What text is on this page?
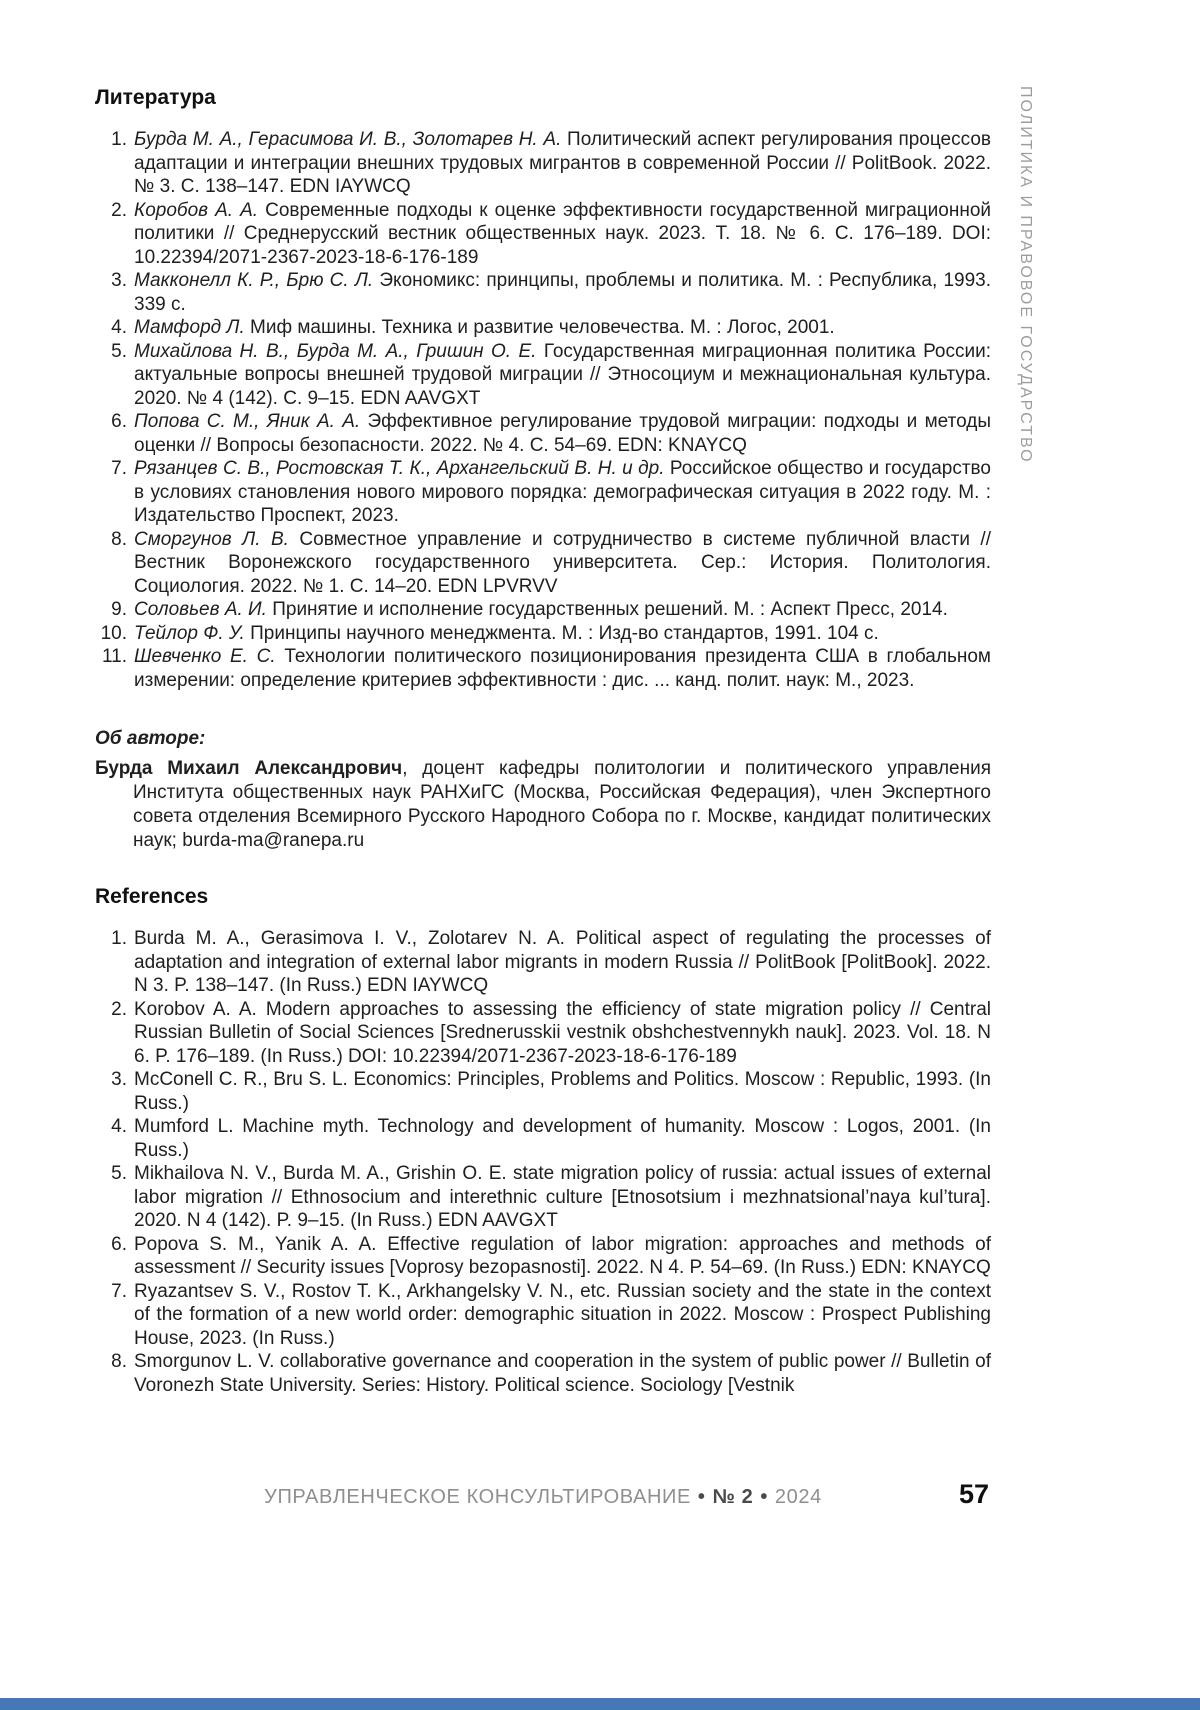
ПОЛИТИКА И ПРАВОВОЕ ГОСУДАРСТВО
Литература
1. Бурда М. А., Герасимова И. В., Золотарев Н. А. Политический аспект регулирования процессов адаптации и интеграции внешних трудовых мигрантов в современной России // PolitBook. 2022. № 3. С. 138–147. EDN IAYWCQ
2. Коробов А. А. Современные подходы к оценке эффективности государственной миграционной политики // Среднерусский вестник общественных наук. 2023. Т. 18. № 6. С. 176–189. DOI: 10.22394/2071-2367-2023-18-6-176-189
3. Макконелл К. Р., Брю С. Л. Экономикс: принципы, проблемы и политика. М. : Республика, 1993. 339 с.
4. Мамфорд Л. Миф машины. Техника и развитие человечества. М. : Логос, 2001.
5. Михайлова Н. В., Бурда М. А., Гришин О. Е. Государственная миграционная политика России: актуальные вопросы внешней трудовой миграции // Этносоциум и межнациональная культура. 2020. № 4 (142). С. 9–15. EDN AAVGXT
6. Попова С. М., Яник А. А. Эффективное регулирование трудовой миграции: подходы и методы оценки // Вопросы безопасности. 2022. № 4. С. 54–69. EDN: KNAYCQ
7. Рязанцев С. В., Ростовская Т. К., Архангельский В. Н. и др. Российское общество и государство в условиях становления нового мирового порядка: демографическая ситуация в 2022 году. М. : Издательство Проспект, 2023.
8. Сморгунов Л. В. Совместное управление и сотрудничество в системе публичной власти // Вестник Воронежского государственного университета. Сер.: История. Политология. Социология. 2022. № 1. С. 14–20. EDN LPVRVV
9. Соловьев А. И. Принятие и исполнение государственных решений. М. : Аспект Пресс, 2014.
10. Тейлор Ф. У. Принципы научного менеджмента. М. : Изд-во стандартов, 1991. 104 с.
11. Шевченко Е. С. Технологии политического позиционирования президента США в глобальном измерении: определение критериев эффективности : дис. ... канд. полит. наук: М., 2023.
Об авторе:

Бурда Михаил Александрович, доцент кафедры политологии и политического управления Института общественных наук РАНХиГС (Москва, Российская Федерация), член Экспертного совета отделения Всемирного Русского Народного Собора по г. Москве, кандидат политических наук; burda-ma@ranepa.ru

References
1. Burda M. A., Gerasimova I. V., Zolotarev N. A. Political aspect of regulating the processes of adaptation and integration of external labor migrants in modern Russia // PolitBook [PolitBook]. 2022. N 3. P. 138–147. (In Russ.) EDN IAYWCQ
2. Korobov A. A. Modern approaches to assessing the efficiency of state migration policy // Central Russian Bulletin of Social Sciences [Srednerusskii vestnik obshchestvennykh nauk]. 2023. Vol. 18. N 6. P. 176–189. (In Russ.) DOI: 10.22394/2071-2367-2023-18-6-176-189
3. McConell C. R., Bru S. L. Economics: Principles, Problems and Politics. Moscow : Republic, 1993. (In Russ.)
4. Mumford L. Machine myth. Technology and development of humanity. Moscow : Logos, 2001. (In Russ.)
5. Mikhailova N. V., Burda M. A., Grishin O. E. state migration policy of russia: actual issues of external labor migration // Ethnosocium and interethnic culture [Etnosotsium i mezhnatsional’naya kul’tura]. 2020. N 4 (142). P. 9–15. (In Russ.) EDN AAVGXT
6. Popova S. M., Yanik A. A. Effective regulation of labor migration: approaches and methods of assessment // Security issues [Voprosy bezopasnosti]. 2022. N 4. P. 54–69. (In Russ.) EDN: KNAYCQ
7. Ryazantsev S. V., Rostov T. K., Arkhangelsky V. N., etc. Russian society and the state in the context of the formation of a new world order: demographic situation in 2022. Moscow : Prospect Publishing House, 2023. (In Russ.)
8. Smorgunov L. V. collaborative governance and cooperation in the system of public power // Bulletin of Voronezh State University. Series: History. Political science. Sociology [Vestnik
УПРАВЛЕНЧЕСКОЕ КОНСУЛЬТИРОВАНИЕ • № 2 • 2024	57
